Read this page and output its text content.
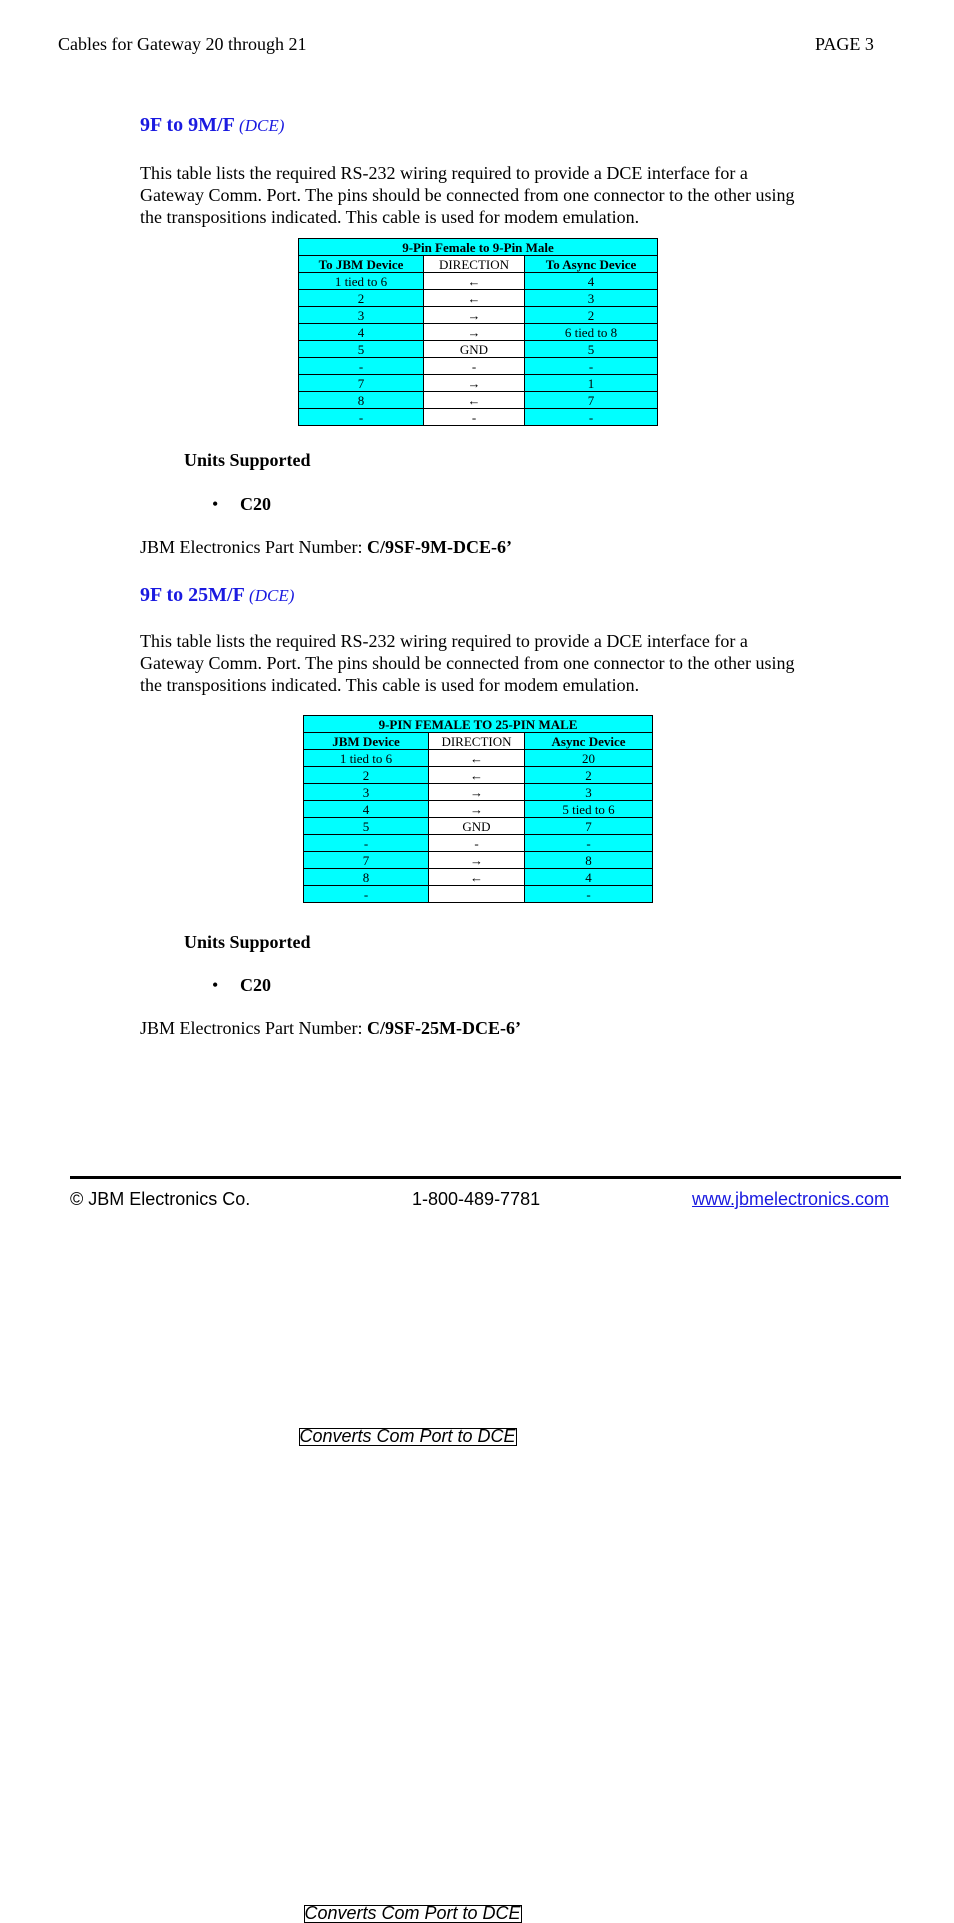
Cables for Gateway 20 through 21	PAGE 3
9F to 9M/F (DCE)
This table lists the required RS-232 wiring required to provide a DCE interface for a Gateway Comm. Port. The pins should be connected from one connector to the other using the transpositions indicated. This cable is used for modem emulation.
9-Pin Female to 9-Pin Male		
To JBM Device	DIRECTION	To Async Device
1 tied to 6	←	4
2	←	3
3	→	2
4	→	6 tied to 8
5	GND	5
-	-	-
7	→	1
8	←	7
-	-	-

Converts Com Port to DCE
Units Supported
• C20
JBM Electronics Part Number: C/9SF-9M-DCE-6’
9F to 25M/F (DCE)
This table lists the required RS-232 wiring required to provide a DCE interface for a Gateway Comm. Port. The pins should be connected from one connector to the other using the transpositions indicated. This cable is used for modem emulation.
9-PIN FEMALE TO 25-PIN MALE		
JBM Device	DIRECTION	Async Device
1 tied to 6	←	20
2	←	2
3	→	3
4	→	5 tied to 6
5	GND	7
-	-	-
7	→	8
8	←	4
-		-

Converts Com Port to DCE
Units Supported
• C20
JBM Electronics Part Number: C/9SF-25M-DCE-6’
© JBM Electronics Co.	1-800-489-7781	www.jbmelectronics.com
